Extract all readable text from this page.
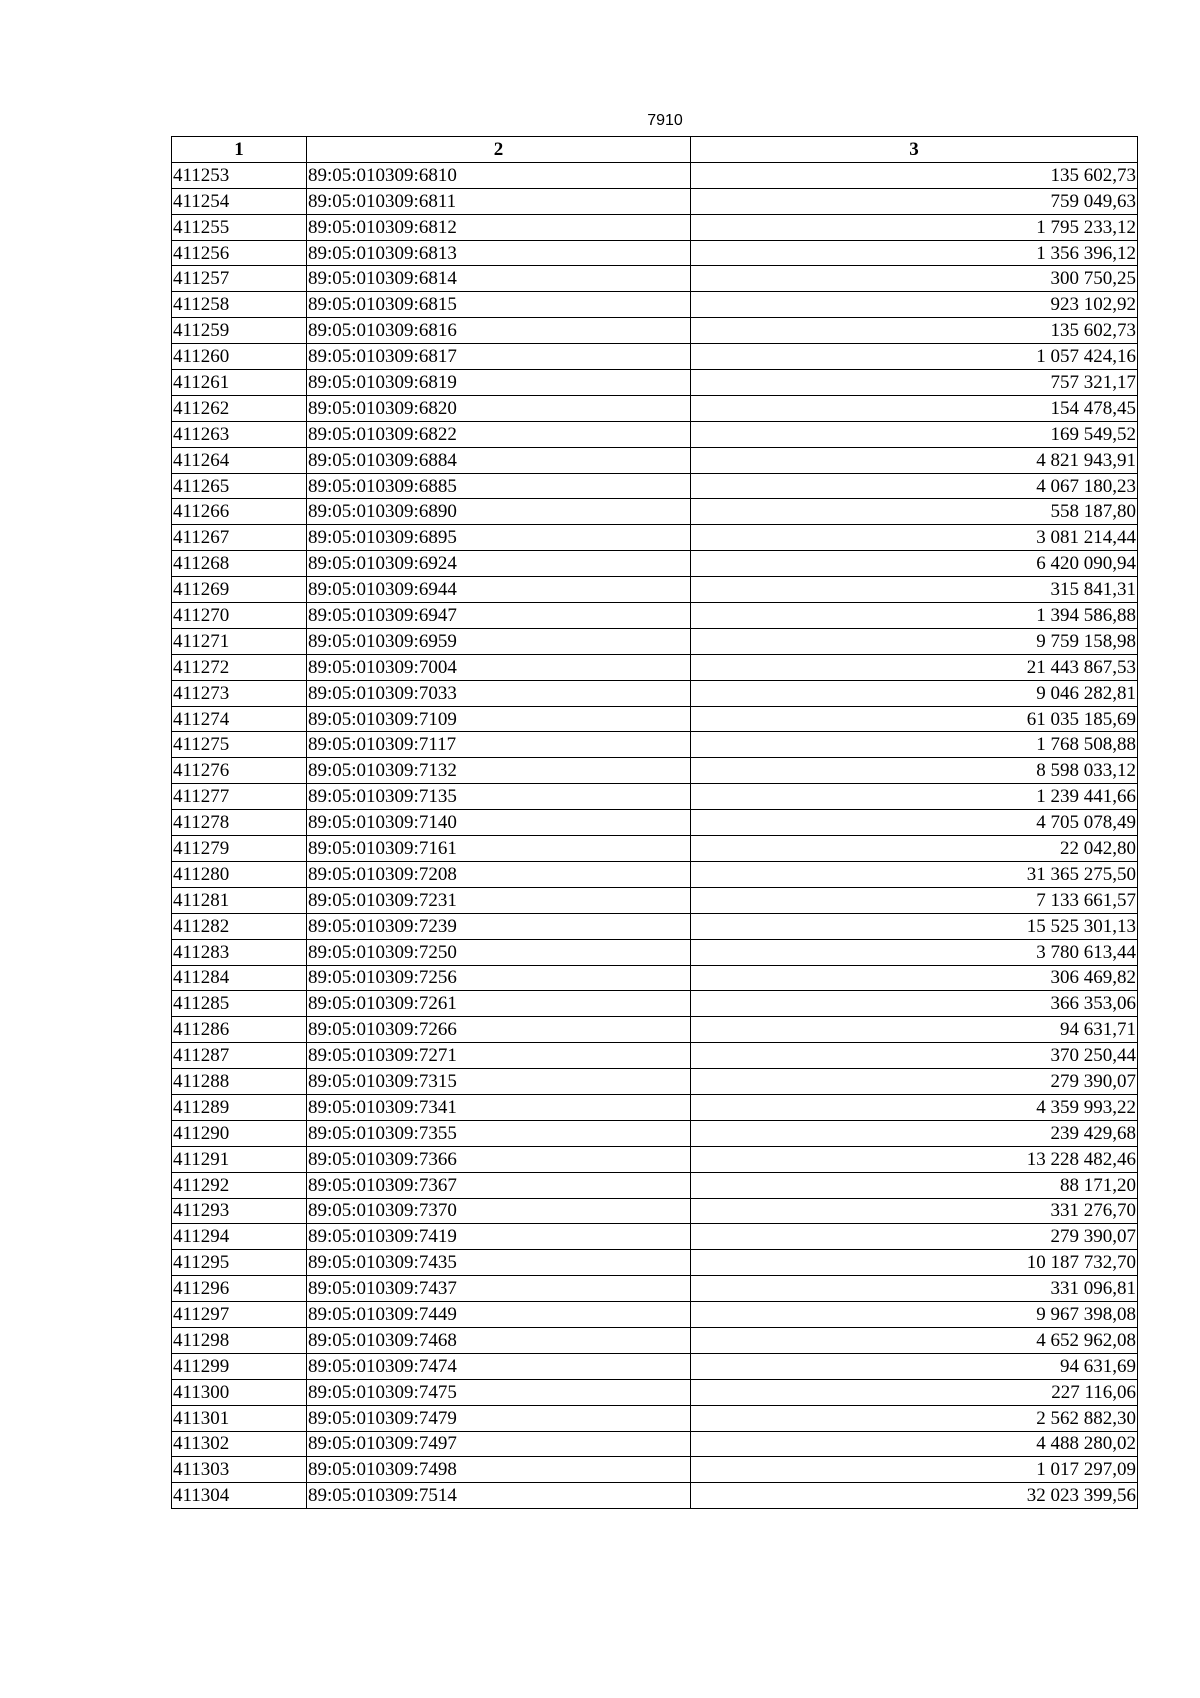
7910
1	2	3
411253	89:05:010309:6810	135 602,73
411254	89:05:010309:6811	759 049,63
411255	89:05:010309:6812	1 795 233,12
411256	89:05:010309:6813	1 356 396,12
411257	89:05:010309:6814	300 750,25
411258	89:05:010309:6815	923 102,92
411259	89:05:010309:6816	135 602,73
411260	89:05:010309:6817	1 057 424,16
411261	89:05:010309:6819	757 321,17
411262	89:05:010309:6820	154 478,45
411263	89:05:010309:6822	169 549,52
411264	89:05:010309:6884	4 821 943,91
411265	89:05:010309:6885	4 067 180,23
411266	89:05:010309:6890	558 187,80
411267	89:05:010309:6895	3 081 214,44
411268	89:05:010309:6924	6 420 090,94
411269	89:05:010309:6944	315 841,31
411270	89:05:010309:6947	1 394 586,88
411271	89:05:010309:6959	9 759 158,98
411272	89:05:010309:7004	21 443 867,53
411273	89:05:010309:7033	9 046 282,81
411274	89:05:010309:7109	61 035 185,69
411275	89:05:010309:7117	1 768 508,88
411276	89:05:010309:7132	8 598 033,12
411277	89:05:010309:7135	1 239 441,66
411278	89:05:010309:7140	4 705 078,49
411279	89:05:010309:7161	22 042,80
411280	89:05:010309:7208	31 365 275,50
411281	89:05:010309:7231	7 133 661,57
411282	89:05:010309:7239	15 525 301,13
411283	89:05:010309:7250	3 780 613,44
411284	89:05:010309:7256	306 469,82
411285	89:05:010309:7261	366 353,06
411286	89:05:010309:7266	94 631,71
411287	89:05:010309:7271	370 250,44
411288	89:05:010309:7315	279 390,07
411289	89:05:010309:7341	4 359 993,22
411290	89:05:010309:7355	239 429,68
411291	89:05:010309:7366	13 228 482,46
411292	89:05:010309:7367	88 171,20
411293	89:05:010309:7370	331 276,70
411294	89:05:010309:7419	279 390,07
411295	89:05:010309:7435	10 187 732,70
411296	89:05:010309:7437	331 096,81
411297	89:05:010309:7449	9 967 398,08
411298	89:05:010309:7468	4 652 962,08
411299	89:05:010309:7474	94 631,69
411300	89:05:010309:7475	227 116,06
411301	89:05:010309:7479	2 562 882,30
411302	89:05:010309:7497	4 488 280,02
411303	89:05:010309:7498	1 017 297,09
411304	89:05:010309:7514	32 023 399,56
